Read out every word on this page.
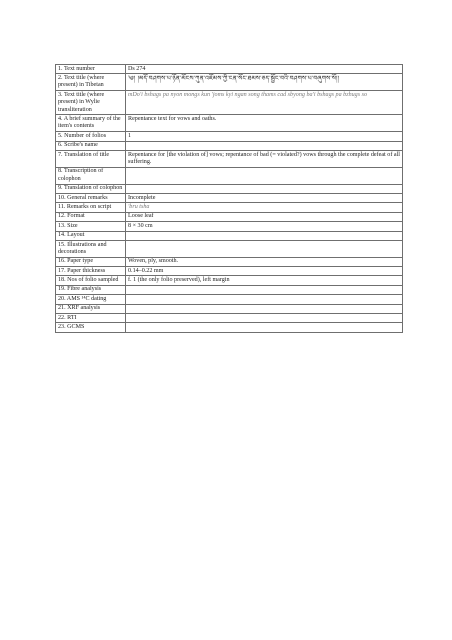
1. Text number	Ds 274
2. Text title (where present) in Tibetan	༄། །མདོ་བཤགས་པ་ཉོན་མོངས་ཀུན་འཇོམས་ཀྱི་ངན་སོང་ཐམས་ཅད་སྦྱོང་བའི་བཤགས་པ་བཞུགས་སོ།།
3. Text title (where present) in Wylie transliteration	mDo'i bshags pa nyon mongs kun 'joms kyi ngan song thams cad sbyong ba'i bshags pa bzhugs so
4. A brief summary of the item's contents	Repentance text for vows and oaths.
5. Number of folios	1
6. Scribe's name	
7. Translation of title	Repentance for [the violation of] vows; repentance of bad (= violated?) vows through the complete defeat of all suffering.
8. Transcription of colophon	
9. Translation of colophon	
10. General remarks	Incomplete
11. Remarks on script	'bru tsha
12. Format	Loose leaf
13. Size	8 × 30 cm
14. Layout	
15. Illustrations and decorations	
16. Paper type	Woven, ply, smooth.
17. Paper thickness	0.14–0.22 mm
18. Nos of folio sampled	f. 1 (the only folio preserved), left margin
19. Fibre analysis	
20. AMS ¹⁴C dating	
21. XRF analysis	
22. RTI	
23. GCMS	
